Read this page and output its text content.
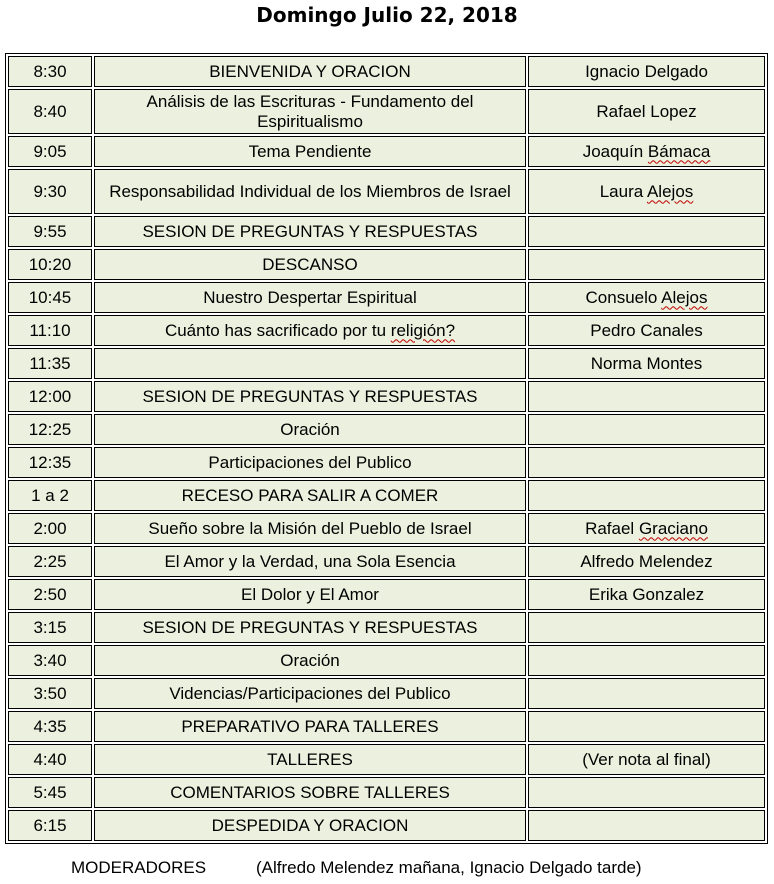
Domingo Julio 22, 2018
8:30	BIENVENIDA Y ORACION	Ignacio Delgado
8:40	Análisis de las Escrituras - Fundamento del Espiritualismo	Rafael Lopez
9:05	Tema Pendiente	Joaquín Bámaca
9:30	Responsabilidad Individual de los Miembros de Israel	Laura Alejos
9:55	SESION DE PREGUNTAS Y RESPUESTAS	
10:20	DESCANSO	
10:45	Nuestro Despertar Espiritual	Consuelo Alejos
11:10	Cuánto has sacrificado por tu religión?	Pedro Canales
11:35		Norma Montes
12:00	SESION DE PREGUNTAS Y RESPUESTAS	
12:25	Oración	
12:35	Participaciones del Publico	
1 a 2	RECESO PARA SALIR A COMER	
2:00	Sueño sobre la Misión del Pueblo de Israel	Rafael Graciano
2:25	El Amor y la Verdad, una Sola Esencia	Alfredo Melendez
2:50	El Dolor y El Amor	Erika Gonzalez
3:15	SESION DE PREGUNTAS Y RESPUESTAS	
3:40	Oración	
3:50	Videncias/Participaciones del Publico	
4:35	PREPARATIVO PARA TALLERES	
4:40	TALLERES	(Ver nota al final)
5:45	COMENTARIOS SOBRE TALLERES	
6:15	DESPEDIDA Y ORACION	
MODERADORES	(Alfredo Melendez mañana, Ignacio Delgado tarde)
